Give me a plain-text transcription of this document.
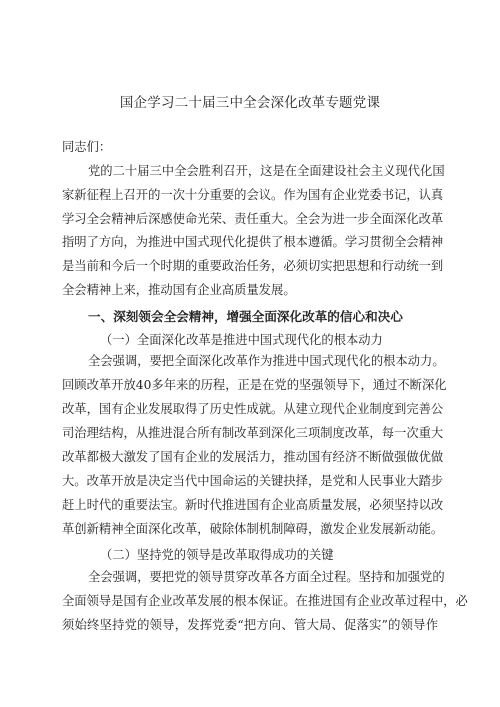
国企学习二十届三中全会深化改革专题党课
同志们：
党的二十届三中全会胜利召开，这是在全面建设社会主义现代化国
家新征程上召开的一次十分重要的会议。作为国有企业党委书记，认真
学习全会精神后深感使命光荣、责任重大。全会为进一步全面深化改革
指明了方向，为推进中国式现代化提供了根本遵循。学习贯彻全会精神
是当前和今后一个时期的重要政治任务，必须切实把思想和行动统一到
全会精神上来，推动国有企业高质量发展。
一、深刻领会全会精神，增强全面深化改革的信心和决心
（一）全面深化改革是推进中国式现代化的根本动力
全会强调，要把全面深化改革作为推进中国式现代化的根本动力。
回顾改革开放40多年来的历程，正是在党的坚强领导下，通过不断深化
改革，国有企业发展取得了历史性成就。从建立现代企业制度到完善公
司治理结构，从推进混合所有制改革到深化三项制度改革，每一次重大
改革都极大激发了国有企业的发展活力，推动国有经济不断做强做优做
大。改革开放是决定当代中国命运的关键抉择，是党和人民事业大踏步
赶上时代的重要法宝。新时代推进国有企业高质量发展，必须坚持以改
革创新精神全面深化改革，破除体制机制障碍，激发企业发展新动能。
（二）坚持党的领导是改革取得成功的关键
全会强调，要把党的领导贯穿改革各方面全过程。坚持和加强党的
全面领导是国有企业改革发展的根本保证。在推进国有企业改革过程中，必
须始终坚持党的领导，发挥党委“把方向、管大局、促落实”的领导作
